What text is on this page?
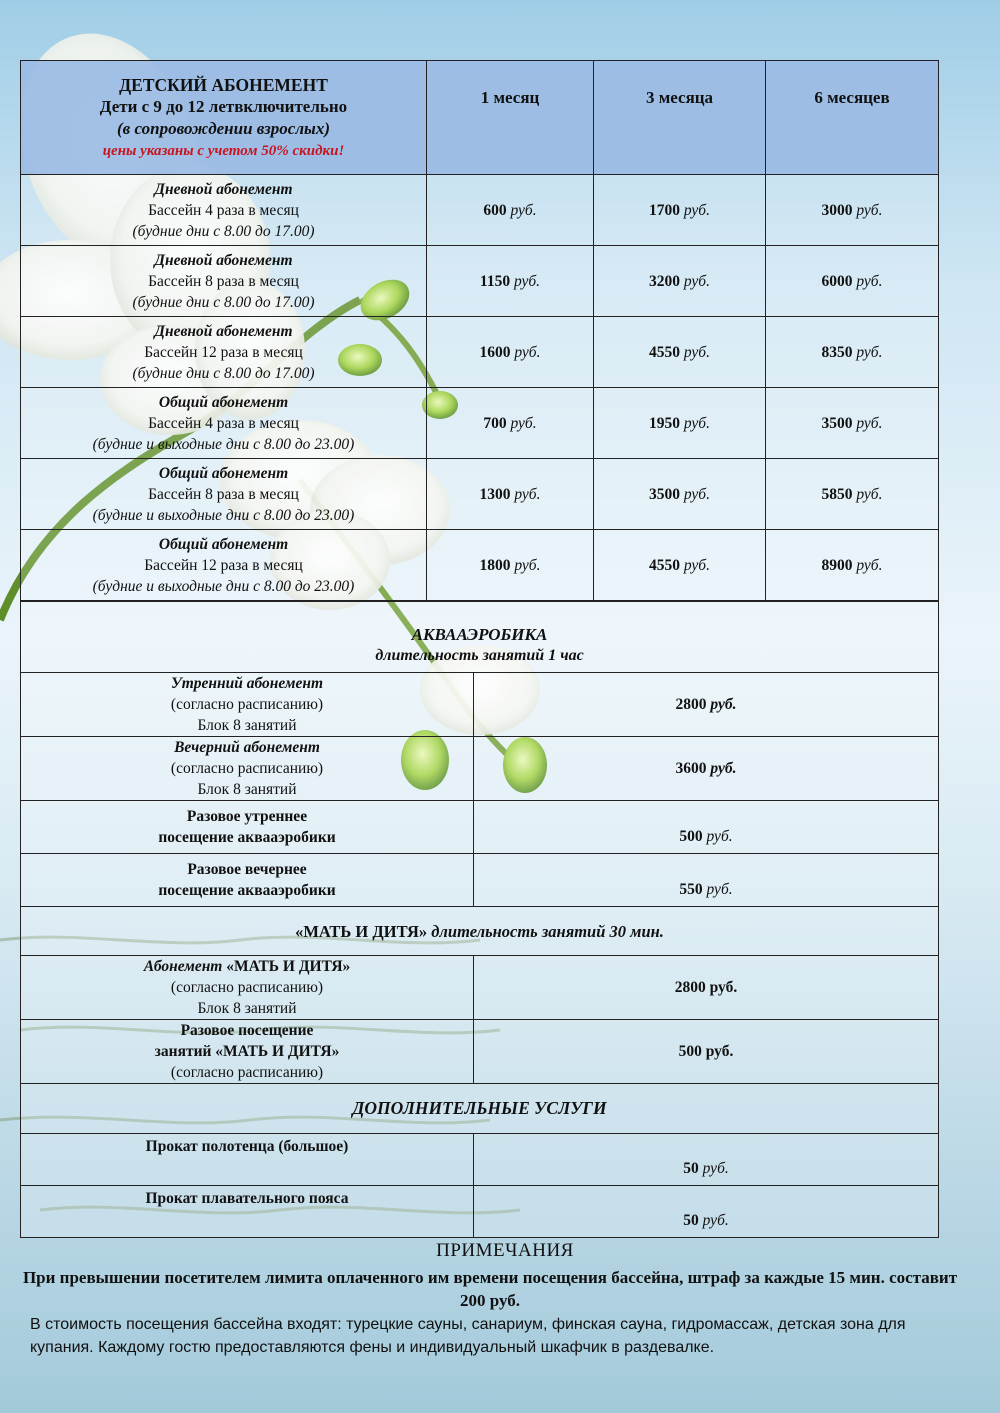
ДЕТСКИЙ АБОНЕМЕНТ
Дети с 9 до 12 летвключительно
(в сопровождении взрослых)
цены указаны с учетом 50% скидки!	1 месяц	3 месяца	6 месяцев

Дневной абонемент
Бассейн 4 раза в месяц
(будние дни с 8.00 до 17.00)	600 руб.	1700 руб.	3000 руб.

Дневной абонемент
Бассейн 8 раза в месяц
(будние дни с 8.00 до 17.00)	1150 руб.	3200 руб.	6000 руб.

Дневной абонемент
Бассейн 12 раза в месяц
(будние дни с 8.00 до 17.00)	1600 руб.	4550 руб.	8350 руб.

Общий абонемент
Бассейн 4 раза в месяц
(будние и выходные дни с 8.00 до 23.00)	700 руб.	1950 руб.	3500 руб.

Общий абонемент
Бассейн 8 раза в месяц
(будние и выходные дни с 8.00 до 23.00)	1300 руб.	3500 руб.	5850 руб.

Общий абонемент
Бассейн 12 раза в месяц
(будние и выходные дни с 8.00 до 23.00)	1800 руб.	4550 руб.	8900 руб.
АКВААЭРОБИКА
длительность занятий 1 час	

Утренний абонемент
(согласно расписанию)
Блок 8 занятий	2800 руб.

Вечерний абонемент
(согласно расписанию)
Блок 8 занятий	3600 руб.

Разовое утреннее
посещение аквааэробики	500 руб.

Разовое вечернее
посещение аквааэробики	550 руб.
«МАТЬ И ДИТЯ» длительность занятий 30 мин.	

Абонемент «МАТЬ И ДИТЯ»
(согласно расписанию)
Блок 8 занятий	2800 руб.

Разовое посещение
занятий «МАТЬ И ДИТЯ»
(согласно расписанию)	500 руб.
ДОПОЛНИТЕЛЬНЫЕ УСЛУГИ	
Прокат полотенца (большое)	50 руб.
Прокат плавательного пояса	50 руб.
ПРИМЕЧАНИЯ
При превышении посетителем лимита оплаченного им времени посещения бассейна, штраф за каждые 15 мин. составит 200 руб.
В стоимость посещения бассейна входят: турецкие сауны, санариум, финская сауна, гидромассаж, детская зона для купания. Каждому гостю предоставляются фены и индивидуальный шкафчик в раздевалке.
